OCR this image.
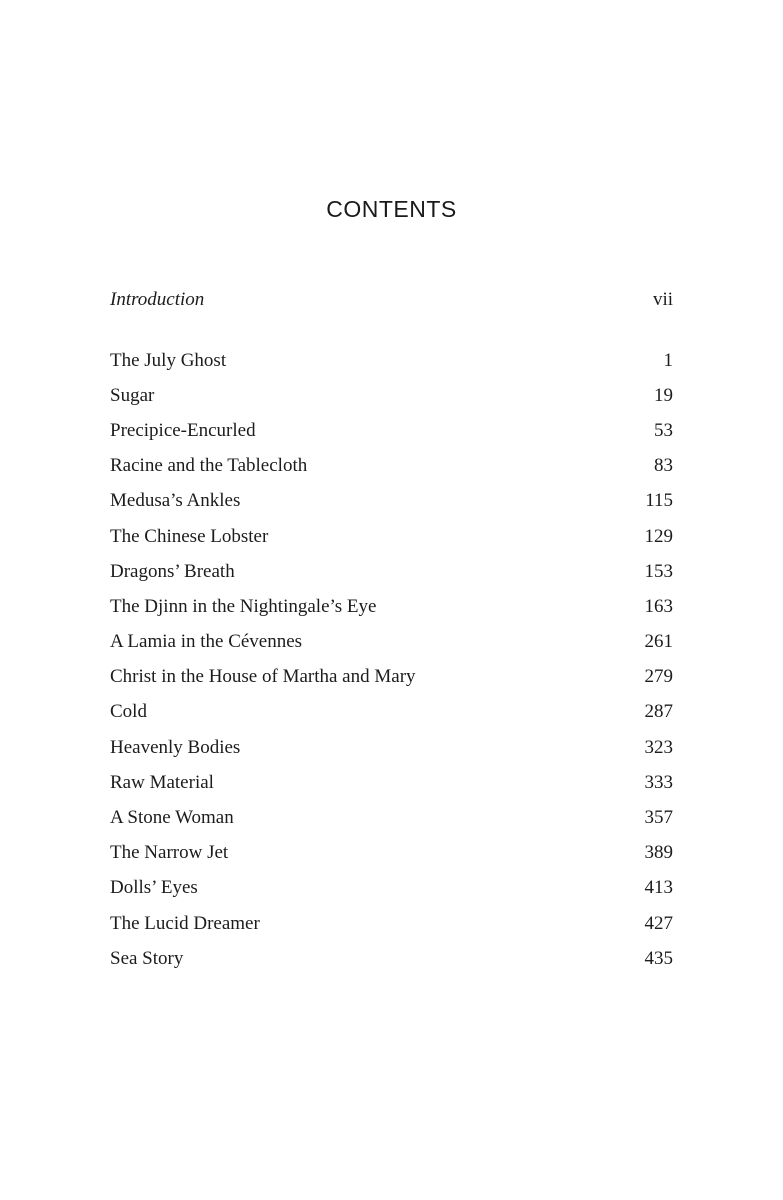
CONTENTS
Introduction	vii
The July Ghost	1
Sugar	19
Precipice-Encurled	53
Racine and the Tablecloth	83
Medusa’s Ankles	115
The Chinese Lobster	129
Dragons’ Breath	153
The Djinn in the Nightingale’s Eye	163
A Lamia in the Cévennes	261
Christ in the House of Martha and Mary	279
Cold	287
Heavenly Bodies	323
Raw Material	333
A Stone Woman	357
The Narrow Jet	389
Dolls’ Eyes	413
The Lucid Dreamer	427
Sea Story	435
